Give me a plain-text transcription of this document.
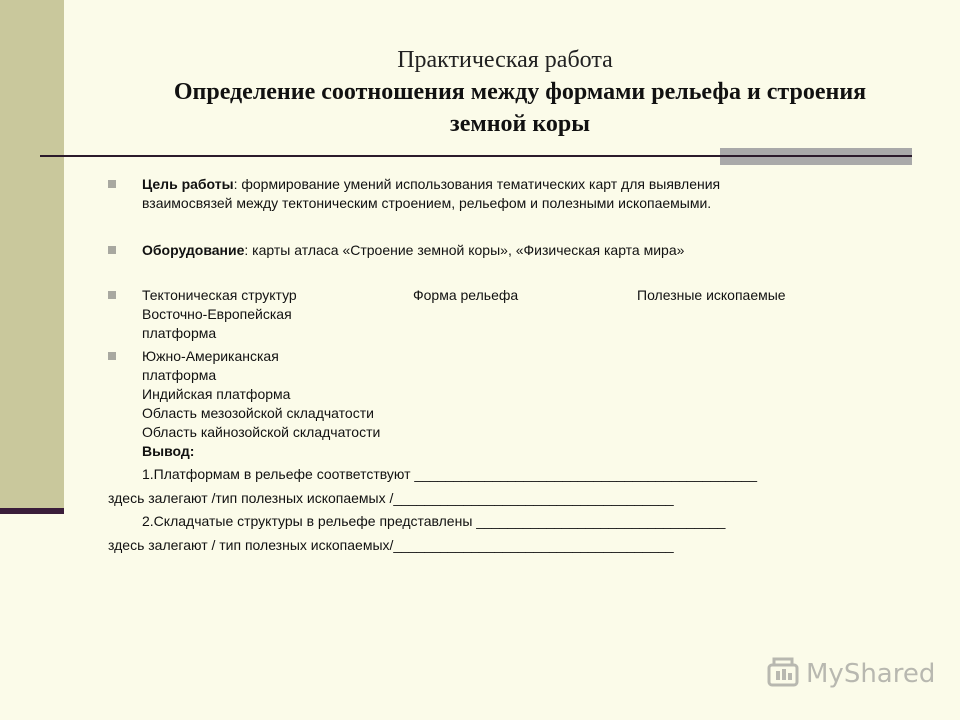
Практическая работа
Определение соотношения между формами рельефа и строения земной коры
Цель работы: формирование умений использования тематических карт для выявления
взаимосвязей между тектоническим строением, рельефом и полезными ископаемыми.
Оборудование: карты атласа «Строение земной коры», «Физическая карта мира»
Тектоническая структур	Форма рельефа	Полезные ископаемые
Восточно-Европейская
платформа
Южно-Американская
платформа
Индийская платформа
Область мезозойской складчатости
Область кайнозойской складчатости
Вывод:
1.Платформам в рельефе соответствуют ____________________________________________
здесь залегают /тип полезных ископаемых /____________________________________
2.Складчатые структуры в рельефе представлены ________________________________
здесь залегают / тип полезных ископаемых/____________________________________
MyShared
